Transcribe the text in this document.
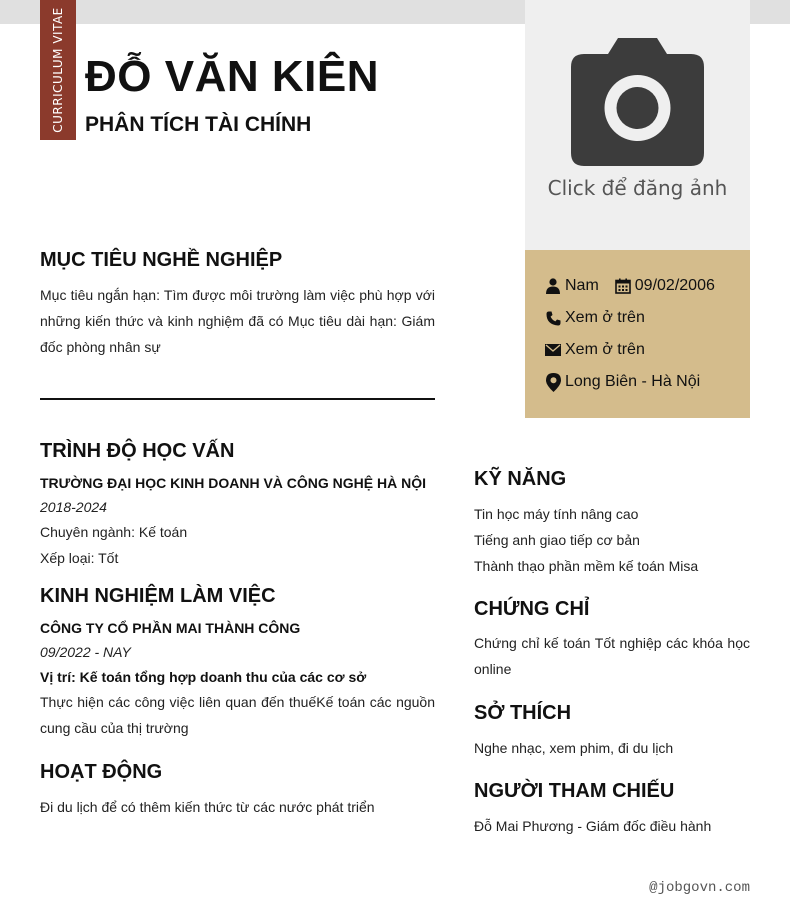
CURRICULUM VITAE ĐỖ VĂN KIÊN
PHÂN TÍCH TÀI CHÍNH
Click để đăng ảnh
Nam 09/02/2006
Xem ở trên
Xem ở trên
Long Biên - Hà Nội
MỤC TIÊU NGHỀ NGHIỆP
Mục tiêu ngắn hạn: Tìm được môi trường làm việc phù hợp với những kiến thức và kinh nghiệm đã có Mục tiêu dài hạn: Giám đốc phòng nhân sự
TRÌNH ĐỘ HỌC VẤN
TRƯỜNG ĐẠI HỌC KINH DOANH VÀ CÔNG NGHỆ HÀ NỘI
2018-2024
Chuyên ngành: Kế toán
Xếp loại: Tốt
KINH NGHIỆM LÀM VIỆC
CÔNG TY CỔ PHẦN MAI THÀNH CÔNG
09/2022 - NAY
Vị trí: Kế toán tổng hợp doanh thu của các cơ sở
Thực hiện các công việc liên quan đến thuếKế toán các nguồn cung cầu của thị trường
HOẠT ĐỘNG
Đi du lịch để có thêm kiến thức từ các nước phát triển
KỸ NĂNG
Tin học máy tính nâng cao
Tiếng anh giao tiếp cơ bản
Thành thạo phần mềm kế toán Misa
CHỨNG CHỈ
Chứng chỉ kế toán Tốt nghiệp các khóa học online
SỞ THÍCH
Nghe nhạc, xem phim, đi du lịch
NGƯỜI THAM CHIẾU
Đỗ Mai Phương - Giám đốc điều hành
@jobgovn.com
